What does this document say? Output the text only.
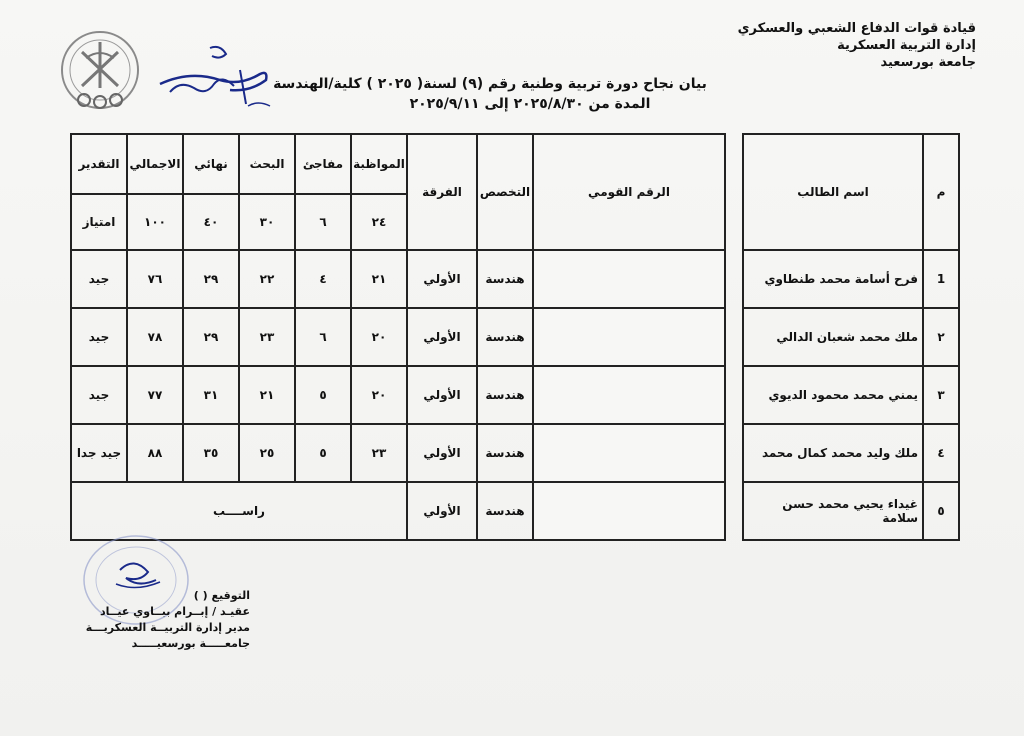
قيادة قوات الدفاع الشعبي والعسكري
إدارة التربية العسكرية
جامعة بورسعيد
بيان نجاح دورة تربية وطنية رقم (٩) لسنة( ٢٠٢٥ ) كلية/الهندسة
المدة من ٢٠٢٥/٨/٣٠ إلى ٢٠٢٥/٩/١١
م	اسم الطالب		الرقم القومي	التخصص	الفرقة	المواظبة	مفاجئ	البحث	نهائي	الاجمالي	التقدير
						٢٤	٦	٣٠	٤٠	١٠٠	امتياز
1	فرح أسامة محمد طنطاوي			هندسة	الأولي	٢١	٤	٢٢	٢٩	٧٦	جيد
٢	ملك محمد شعبان الدالي			هندسة	الأولي	٢٠	٦	٢٣	٢٩	٧٨	جيد
٣	يمني محمد محمود الديوي			هندسة	الأولي	٢٠	٥	٢١	٣١	٧٧	جيد
٤	ملك وليد محمد كمال محمد			هندسة	الأولي	٢٣	٥	٢٥	٣٥	٨٨	جيد جدا
٥	غيداء يحيي محمد حسن سلامة			هندسة	الأولي	راســــب					
التوقيع ( )
عقيـد / إبــرام ببــاوي عيــاد
مدير إدارة التربيــة العسكريـــة
جامعـــــة بورسعيـــــد
